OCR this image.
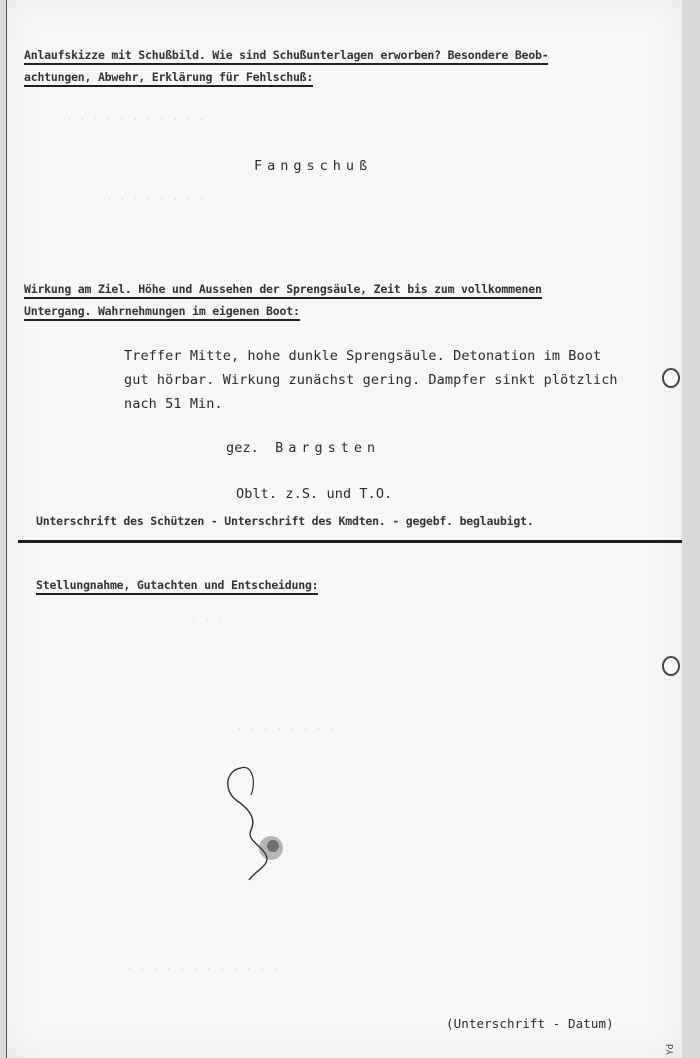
. . . . . . . . . . .
. . . . . . . .
. . .
. . . . . . . .
. . . . . . . . . . . .
Anlaufskizze mit Schußbild. Wie sind Schußunterlagen erworben? Besondere Beob-
achtungen, Abwehr, Erklärung für Fehlschuß:
Fangschuß
Wirkung am Ziel. Höhe und Aussehen der Sprengsäule, Zeit bis zum vollkommenen
Untergang. Wahrnehmungen im eigenen Boot:
Treffer Mitte, hohe dunkle Sprengsäule. Detonation im Boot
gut hörbar. Wirkung zunächst gering. Dampfer sinkt plötzlich
nach 51 Min.
gez. Bargsten
Oblt. z.S. und T.O.
Unterschrift des Schützen - Unterschrift des Kmdten. - gegebf. beglaubigt.
Stellungnahme, Gutachten und Entscheidung:
(Unterschrift - Datum)
Yd
